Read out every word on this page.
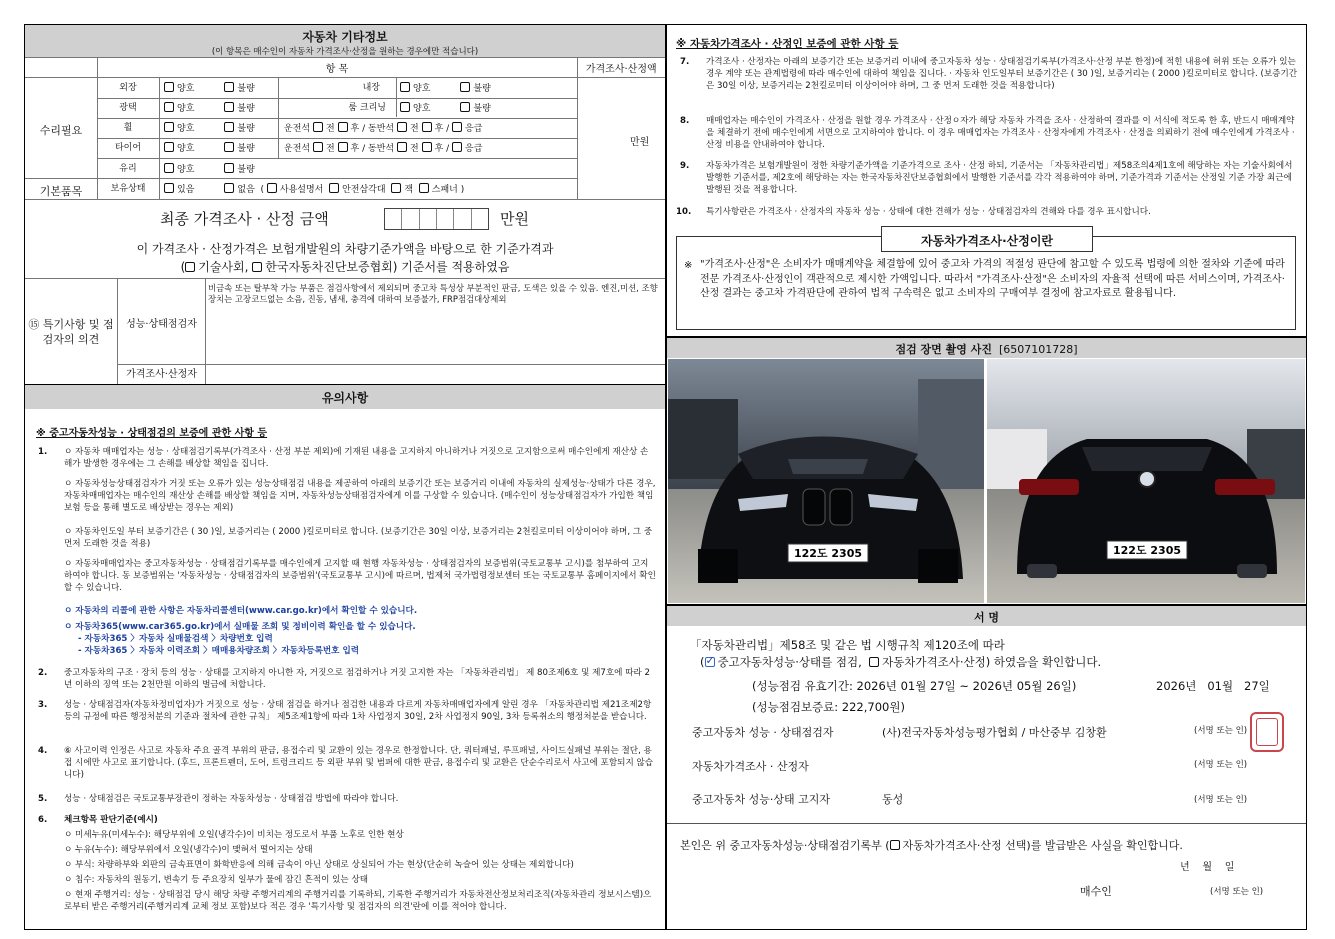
자동차 기타정보
(이 항목은 매수인이 자동차 가격조사·산정을 원하는 경우에만 적습니다)
	항 목	가격조사·산정액
수리필요
기본품목
만원
외장
광택
휠
타이어
유리
보유상태
내장
룸 크리닝
양호	불량
양호	불량
양호	불량
양호	불량
양호	불량
양호	불량
양호	불량
운전석 전 후 / 동반석 전 후 / 응급
운전석 전 후 / 동반석 전 후 / 응급
있음	없음  ( 사용설명서 안전삼각대 잭 스패너 )
최종 가격조사 · 산정 금액	만원
이 가격조사 · 산정가격은 보험개발원의 차량기준가액을 바탕으로 한 기준가격과
( 기술사회, 한국자동차진단보증협회) 기준서를 적용하였음
⑮ 특기사항 및 점검자의 의견
성능·상태점검자
비금속 또는 탈부착 가능 부품은 점검사항에서 제외되며 중고차 특성상 부분적인 판금, 도색은 있을 수 있음. 엔진,미션, 조향장치는 고장코드없는 소음, 진동, 냄새, 충격에 대하여 보증불가, FRP점검대상제외
가격조사·산정자
유의사항
※ 중고자동차성능 · 상태점검의 보증에 관한 사항 등
1. ㅇ 자동차 매매업자는 성능 · 상태점검기록부(가격조사 · 산정 부분 제외)에 기재된 내용을 고지하지 아니하거나 거짓으로 고지함으로써 매수인에게 재산상 손해가 발생한 경우에는 그 손해를 배상할 책임을 집니다.
ㅇ 자동차성능상태점검자가 거짓 또는 오류가 있는 성능상태점검 내용을 제공하여 아래의 보증기간 또는 보증거리 이내에 자동차의 실제성능·상태가 다른 경우, 자동차매매업자는 매수인의 재산상 손해를 배상할 책임을 지며, 자동차성능상태점검자에게 이를 구상할 수 있습니다. (매수인이 성능상태점검자가 가입한 책임보험 등을 통해 별도로 배상받는 경우는 제외)
ㅇ 자동차인도일 부터 보증기간은 ( 30 )일, 보증거리는 ( 2000 )킬로미터로 합니다. (보증기간은 30일 이상, 보증거리는 2천킬로미터 이상이어야 하며, 그 중 먼저 도래한 것을 적용)
ㅇ 자동차매매업자는 중고자동차성능 · 상태점검기록부를 매수인에게 고지할 때 현행 자동차성능 · 상태점검자의 보증범위(국토교통부 고시)를 첨부하여 고지하여야 합니다. 동 보증범위는 '자동차성능 · 상태점검자의 보증범위'(국토교통부 고시)에 따르며, 법제처 국가법령정보센터 또는 국토교통부 홈페이지에서 확인할 수 있습니다.
ㅇ 자동차의 리콜에 관한 사항은 자동차리콜센터(www.car.go.kr)에서 확인할 수 있습니다.
ㅇ 자동차365(www.car365.go.kr)에서 실매물 조회 및 정비이력 확인을 할 수 있습니다.
- 자동차365 〉자동차 실매물검색 〉차량번호 입력
- 자동차365 〉자동차 이력조회 〉매매용차량조회 〉자동차등록번호 입력
2. 중고자동차의 구조 · 장치 등의 성능 · 상태를 고지하지 아니한 자, 거짓으로 점검하거나 거짓 고지한 자는 「자동차관리법」 제 80조제6호 및 제7호에 따라 2년 이하의 징역 또는 2천만원 이하의 벌금에 처합니다.
3. 성능 · 상태점검자(자동차정비업자)가 거짓으로 성능 · 상태 점검을 하거나 점검한 내용과 다르게 자동차매매업자에게 알린 경우 「자동차관리법 제21조제2항 등의 규정에 따른 행정처분의 기준과 절차에 관한 규칙」 제5조제1항에 따라 1차 사업정지 30일, 2차 사업정지 90일, 3차 등록취소의 행정처분을 받습니다.
4. ⑥ 사고이력 인정은 사고로 자동차 주요 골격 부위의 판금, 용접수리 및 교환이 있는 경우로 한정합니다. 단, 쿼터패널, 루프패널, 사이드실패널 부위는 절단, 용접 시에만 사고로 표기합니다. (후드, 프론트펜더, 도어, 트렁크리드 등 외판 부위 및 범퍼에 대한 판금, 용접수리 및 교환은 단순수리로서 사고에 포함되지 않습니다)
5. 성능 · 상태점검은 국토교통부장관이 정하는 자동차성능 · 상태점검 방법에 따라야 합니다.
6. 체크항목 판단기준(예시)
ㅇ 미세누유(미세누수): 해당부위에 오일(냉각수)이 비치는 정도로서 부품 노후로 인한 현상
ㅇ 누유(누수): 해당부위에서 오일(냉각수)이 맺혀서 떨어지는 상태
ㅇ 부식: 차량하부와 외판의 금속표면이 화학반응에 의해 금속이 아닌 상태로 상실되어 가는 현상(단순히 녹슬어 있는 상태는 제외합니다)
ㅇ 침수: 자동차의 원동기, 변속기 등 주요장치 일부가 물에 잠긴 흔적이 있는 상태
ㅇ 현재 주행거리: 성능 · 상태점검 당시 해당 차량 주행거리계의 주행거리를 기록하되, 기록한 주행거리가 자동차전산정보처리조직(자동차관리 정보시스템)으로부터 받은 주행거리(주행거리계 교체 정보 포함)보다 적은 경우 '특기사항 및 점검자의 의견'란에 이를 적어야 합니다.
※ 자동차가격조사 · 산정인 보증에 관한 사항 등
7. 가격조사 · 산정자는 아래의 보증기간 또는 보증거리 이내에 중고자동차 성능 · 상태점검기록부(가격조사·산정 부분 한정)에 적힌 내용에 허위 또는 오류가 있는 경우 계약 또는 관계법령에 따라 매수인에 대하여 책임을 집니다. · 자동차 인도일부터 보증기간은 ( 30 )일, 보증거리는 ( 2000 )킬로미터로 합니다. (보증기간은 30일 이상, 보증거리는 2천킬로미터 이상이어야 하며, 그 중 먼저 도래한 것을 적용합니다)
8. 매매업자는 매수인이 가격조사 · 산정을 원할 경우 가격조사 · 산정ㅇ자가 해당 자동차 가격을 조사 · 산정하여 결과를 이 서식에 적도록 한 후, 반드시 매매계약을 체결하기 전에 매수인에게 서면으로 고지하여야 합니다. 이 경우 매매업자는 가격조사 · 산정자에게 가격조사 · 산정을 의뢰하기 전에 매수인에게 가격조사 · 산정 비용을 안내하여야 합니다.
9. 자동차가격은 보험개발원이 정한 차량기준가액을 기준가격으로 조사 · 산정 하되, 기준서는 「자동차관리법」제58조의4제1호에 해당하는 자는 기술사회에서 발행한 기준서를, 제2호에 해당하는 자는 한국자동차진단보증협회에서 발행한 기준서를 각각 적용하여야 하며, 기준가격과 기준서는 산정일 기준 가장 최근에 발행된 것을 적용합니다.
10. 특기사항란은 가격조사 · 산정자의 자동차 성능 · 상태에 대한 견해가 성능 · 상태점검자의 견해와 다를 경우 표시합니다.
자동차가격조사·산정이란
※ "가격조사·산정"은 소비자가 매매계약을 체결함에 있어 중고차 가격의 적절성 판단에 참고할 수 있도록 법령에 의한 절차와 기준에 따라 전문 가격조사·산정인이 객관적으로 제시한 가액입니다. 따라서 "가격조사·산정"은 소비자의 자율적 선택에 따른 서비스이며, 가격조사·산정 결과는 중고차 가격판단에 관하여 법적 구속력은 없고 소비자의 구매여부 결정에 참고자료로 활용됩니다.
점검 장면 촬영 사진 [6507101728]
122도 2305	122도 2305
서 명
「자동차관리법」제58조 및 같은 법 시행규칙 제120조에 따라
(✓ 중고자동차성능·상태를 점검, 자동차가격조사·산정) 하였음을 확인합니다.
(성능점검 유효기간: 2026년 01월 27일 ~ 2026년 05월 26일)	2026년   01월   27일
(성능점검보증료: 222,700원)
중고자동차 성능 · 상태점검자	(사)전국자동차성능평가협회 / 마산중부 김창환	(서명 또는 인)
자동차가격조사 · 산정자	(서명 또는 인)
중고자동차 성능·상태 고지자	동성	(서명 또는 인)
본인은 위 중고자동차성능·상태점검기록부 ( 자동차가격조사·산정 선택)를 발급받은 사실을 확인합니다.
년    월    일
매수인	(서명 또는 인)
